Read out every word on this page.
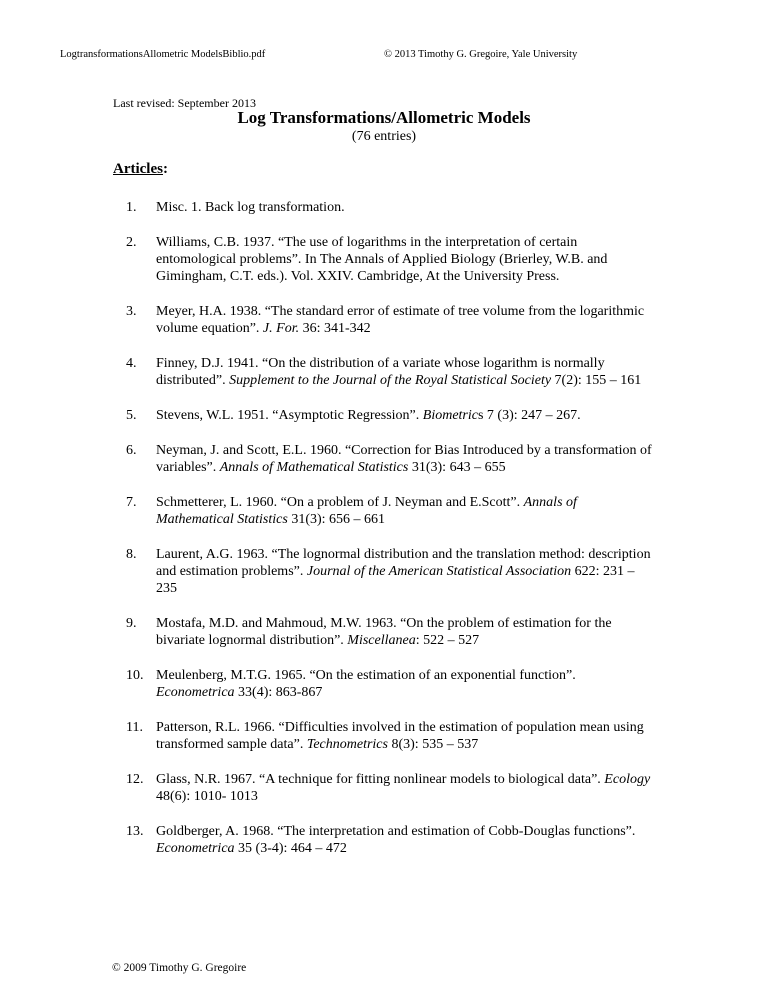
LogtransformationsAllometric ModelsBiblio.pdf	© 2013 Timothy G. Gregoire, Yale University
Last revised: September 2013
Log Transformations/Allometric Models
(76 entries)
Articles:
1.	Misc. 1. Back log transformation.
2.	Williams, C.B. 1937. “The use of logarithms in the interpretation of certain entomological problems”. In The Annals of Applied Biology (Brierley, W.B. and Gimingham, C.T. eds.). Vol. XXIV. Cambridge, At the University Press.
3.	Meyer, H.A. 1938. “The standard error of estimate of tree volume from the logarithmic volume equation”. J. For. 36: 341-342
4.	Finney, D.J. 1941. “On the distribution of a variate whose logarithm is normally distributed”. Supplement to the Journal of the Royal Statistical Society 7(2): 155 – 161
5.	Stevens, W.L. 1951. “Asymptotic Regression”. Biometrics 7 (3): 247 – 267.
6.	Neyman, J. and Scott, E.L. 1960. “Correction for Bias Introduced by a transformation of variables”. Annals of Mathematical Statistics 31(3): 643 – 655
7.	Schmetterer, L. 1960. “On a problem of J. Neyman and E.Scott”. Annals of Mathematical Statistics 31(3): 656 – 661
8.	Laurent, A.G. 1963. “The lognormal distribution and the translation method: description and estimation problems”. Journal of the American Statistical Association 622: 231 – 235
9.	Mostafa, M.D. and Mahmoud, M.W. 1963. “On the problem of estimation for the bivariate lognormal distribution”. Miscellanea: 522 – 527
10. Meulenberg, M.T.G. 1965. “On the estimation of an exponential function”. Econometrica 33(4): 863-867
11. Patterson, R.L. 1966. “Difficulties involved in the estimation of population mean using transformed sample data”. Technometrics 8(3): 535 – 537
12. Glass, N.R. 1967. “A technique for fitting nonlinear models to biological data”. Ecology 48(6): 1010- 1013
13. Goldberger, A. 1968. “The interpretation and estimation of Cobb-Douglas functions”. Econometrica 35 (3-4): 464 – 472
© 2009 Timothy G. Gregoire
